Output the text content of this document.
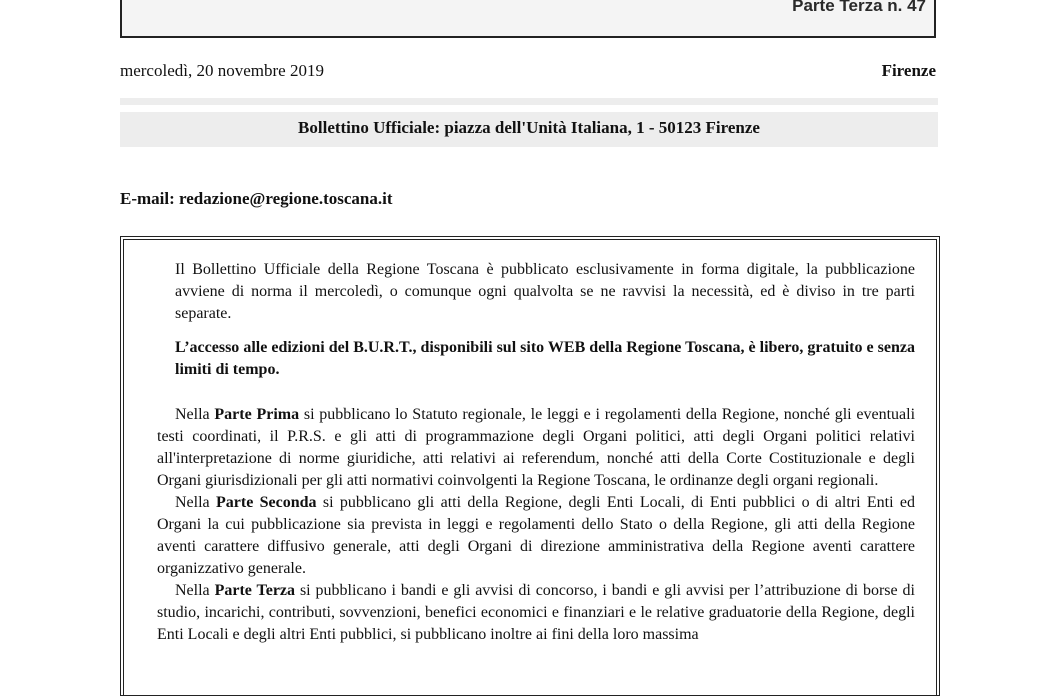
Parte Terza n. 47
mercoledì, 20 novembre 2019	Firenze
Bollettino Ufficiale: piazza dell'Unità Italiana, 1 - 50123 Firenze
E-mail: redazione@regione.toscana.it

Il Bollettino Ufficiale della Regione Toscana è pubblicato esclusivamente in forma digitale, la pubblicazione avviene di norma il mercoledì, o comunque ogni qualvolta se ne ravvisi la necessità, ed è diviso in tre parti separate.

L’accesso alle edizioni del B.U.R.T., disponibili sul sito WEB della Regione Toscana, è libero, gratuito e senza limiti di tempo.

Nella Parte Prima si pubblicano lo Statuto regionale, le leggi e i regolamenti della Regione, nonché gli eventuali testi coordinati, il P.R.S. e gli atti di programmazione degli Organi politici, atti degli Organi politici relativi all'interpretazione di norme giuridiche, atti relativi ai referendum, nonché atti della Corte Costituzionale e degli Organi giurisdizionali per gli atti normativi coinvolgenti la Regione Toscana, le ordinanze degli organi regionali.

Nella Parte Seconda si pubblicano gli atti della Regione, degli Enti Locali, di Enti pubblici o di altri Enti ed Organi la cui pubblicazione sia prevista in leggi e regolamenti dello Stato o della Regione, gli atti della Regione aventi carattere diffusivo generale, atti degli Organi di direzione amministrativa della Regione aventi carattere organizzativo generale.

Nella Parte Terza si pubblicano i bandi e gli avvisi di concorso, i bandi e gli avvisi per l’attribuzione di borse di studio, incarichi, contributi, sovvenzioni, benefici economici e finanziari e le relative graduatorie della Regione, degli Enti Locali e degli altri Enti pubblici, si pubblicano inoltre ai fini della loro massima
